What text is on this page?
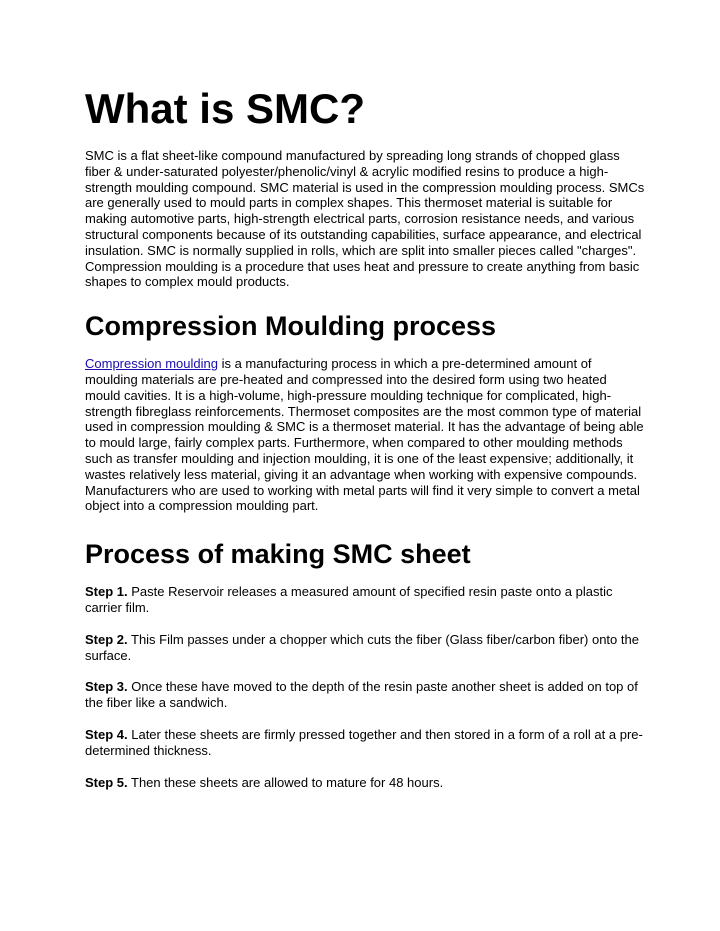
What is SMC?

SMC is a flat sheet-like compound manufactured by spreading long strands of chopped glass fiber & under-saturated polyester/phenolic/vinyl & acrylic modified resins to produce a high-strength moulding compound. SMC material is used in the compression moulding process. SMCs are generally used to mould parts in complex shapes. This thermoset material is suitable for making automotive parts, high-strength electrical parts, corrosion resistance needs, and various structural components because of its outstanding capabilities, surface appearance, and electrical insulation. SMC is normally supplied in rolls, which are split into smaller pieces called "charges". Compression moulding is a procedure that uses heat and pressure to create anything from basic shapes to complex mould products.

Compression Moulding process

Compression moulding is a manufacturing process in which a pre-determined amount of moulding materials are pre-heated and compressed into the desired form using two heated mould cavities. It is a high-volume, high-pressure moulding technique for complicated, high-strength fibreglass reinforcements. Thermoset composites are the most common type of material used in compression moulding & SMC is a thermoset material. It has the advantage of being able to mould large, fairly complex parts. Furthermore, when compared to other moulding methods such as transfer moulding and injection moulding, it is one of the least expensive; additionally, it wastes relatively less material, giving it an advantage when working with expensive compounds. Manufacturers who are used to working with metal parts will find it very simple to convert a metal object into a compression moulding part.

Process of making SMC sheet

Step 1. Paste Reservoir releases a measured amount of specified resin paste onto a plastic carrier film.

Step 2. This Film passes under a chopper which cuts the fiber (Glass fiber/carbon fiber) onto the surface.

Step 3. Once these have moved to the depth of the resin paste another sheet is added on top of the fiber like a sandwich.

Step 4. Later these sheets are firmly pressed together and then stored in a form of a roll at a pre-determined thickness.

Step 5. Then these sheets are allowed to mature for 48 hours.
